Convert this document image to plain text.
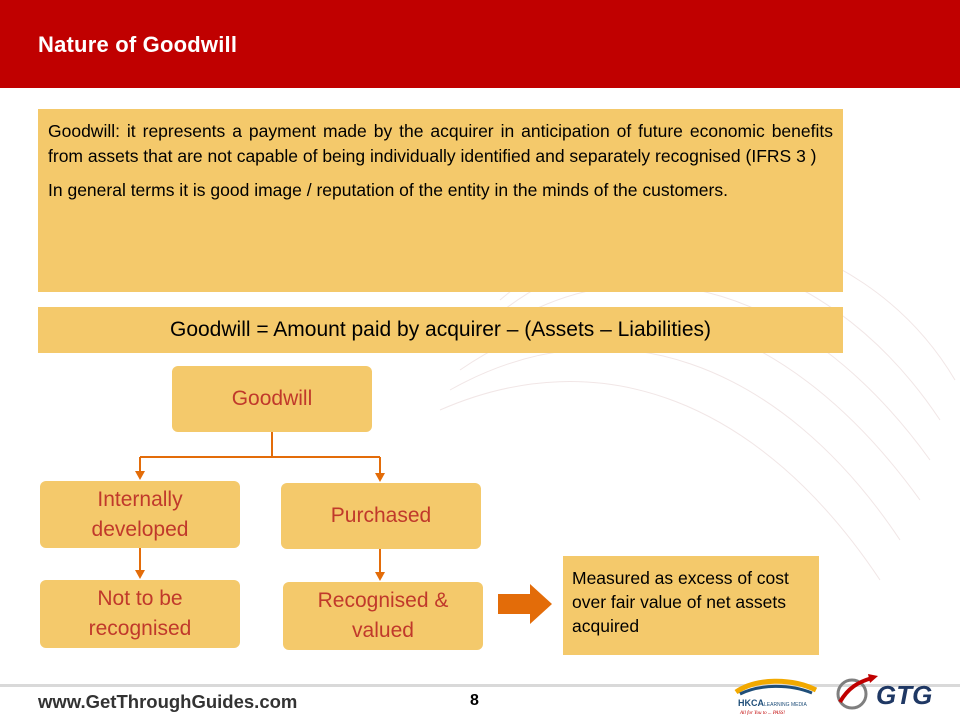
Nature of Goodwill

Goodwill: it represents a payment made by the acquirer in anticipation of future economic benefits from assets that are not capable of being individually identified and separately recognised (IFRS 3 )

In general terms it is good image / reputation of the entity in the minds of the customers.

Goodwill = Amount paid by acquirer – (Assets – Liabilities)
Goodwill
Internally developed
Purchased
Not to be recognised
Recognised & valued
Measured as excess of cost over fair value of net assets acquired
www.GetThroughGuides.com	8	HKCA LEARNING MEDIA
All for You to ... PASS!
GTG
